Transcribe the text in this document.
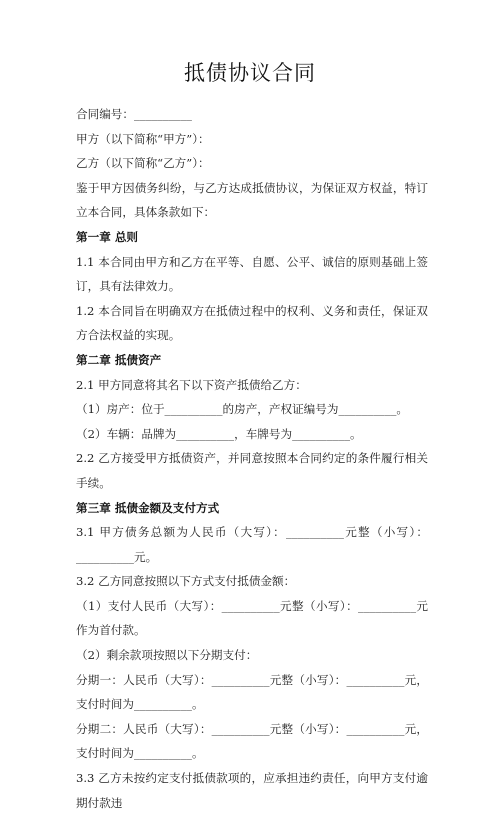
抵债协议合同

合同编号：__________

甲方（以下简称“甲方”）：

乙方（以下简称“乙方”）：

鉴于甲方因债务纠纷，与乙方达成抵债协议，为保证双方权益，特订立本合同，具体条款如下：

第一章 总则

1.1 本合同由甲方和乙方在平等、自愿、公平、诚信的原则基础上签订，具有法律效力。

1.2 本合同旨在明确双方在抵债过程中的权利、义务和责任，保证双方合法权益的实现。

第二章 抵债资产

2.1 甲方同意将其名下以下资产抵债给乙方：

（1）房产：位于__________的房产，产权证编号为__________。

（2）车辆：品牌为__________，车牌号为__________。

2.2 乙方接受甲方抵债资产，并同意按照本合同约定的条件履行相关手续。

第三章 抵债金额及支付方式

3.1 甲方债务总额为人民币（大写）：__________元整（小写）：__________元。

3.2 乙方同意按照以下方式支付抵债金额：

（1）支付人民币（大写）：__________元整（小写）：__________元作为首付款。

（2）剩余款项按照以下分期支付：

分期一：人民币（大写）：__________元整（小写）：__________元，支付时间为__________。

分期二：人民币（大写）：__________元整（小写）：__________元，支付时间为__________。

3.3 乙方未按约定支付抵债款项的，应承担违约责任，向甲方支付逾期付款违
